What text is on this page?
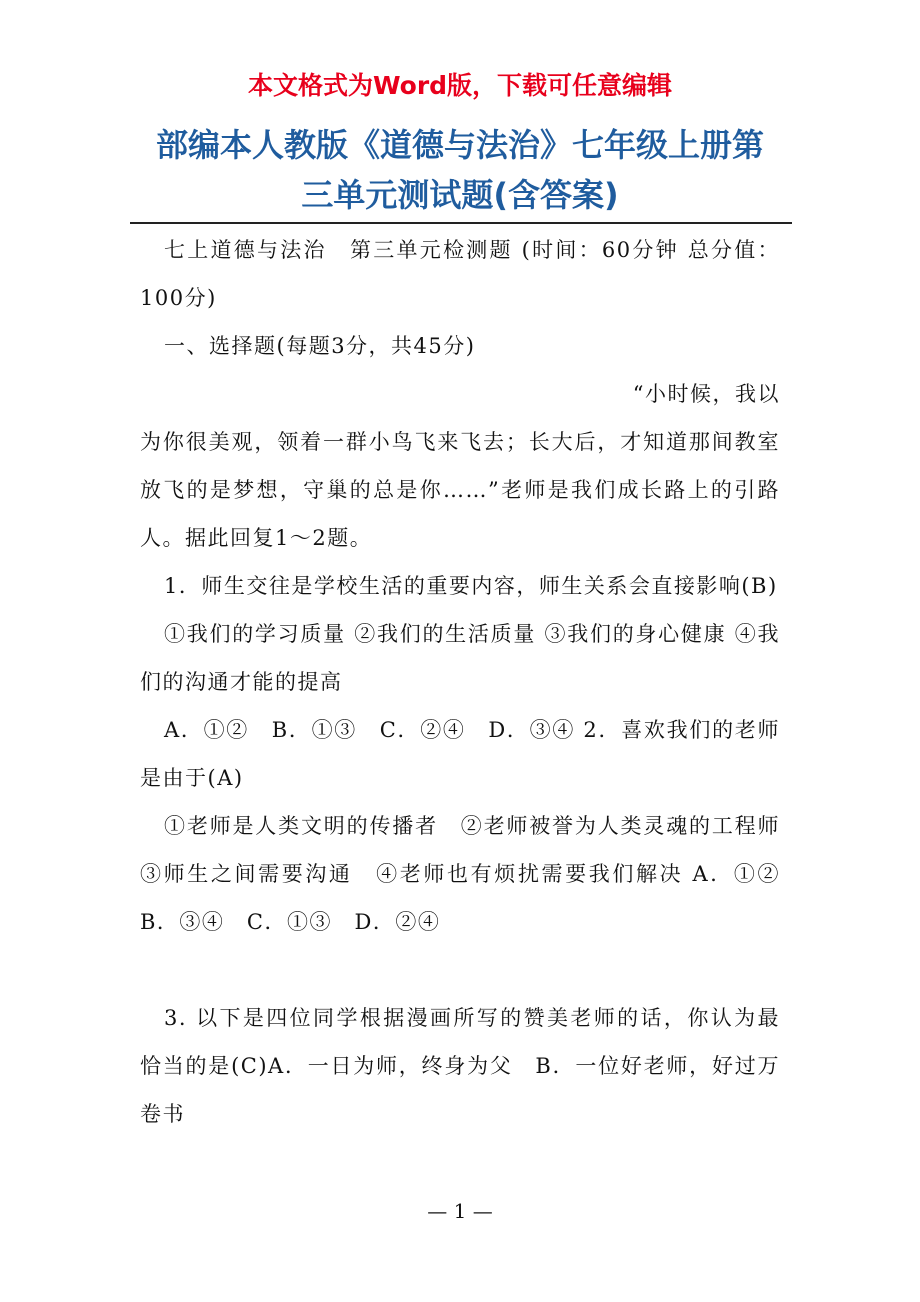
本文格式为Word版，下载可任意编辑
部编本人教版《道德与法治》七年级上册第
三单元测试题(含答案)

七上道德与法治　第三单元检测题 (时间：60分钟 总分值：100分)

一、选择题(每题3分，共45分)

“小时候，我以

为你很美观，领着一群小鸟飞来飞去；长大后，才知道那间教室放飞的是梦想，守巢的总是你……”老师是我们成长路上的引路人。据此回复1～2题。

1．师生交往是学校生活的重要内容，师生关系会直接影响(B)

①我们的学习质量 ②我们的生活质量 ③我们的身心健康 ④我们的沟通才能的提高

A．①②　B．①③　C．②④　D．③④ 2．喜欢我们的老师是由于(A)

①老师是人类文明的传播者　②老师被誉为人类灵魂的工程师　③师生之间需要沟通　④老师也有烦扰需要我们解决 A．①②　B．③④　C．①③　D．②④

3. 以下是四位同学根据漫画所写的赞美老师的话，你认为最恰当的是(C)A．一日为师，终身为父　B．一位好老师，好过万卷书

— 1 —
